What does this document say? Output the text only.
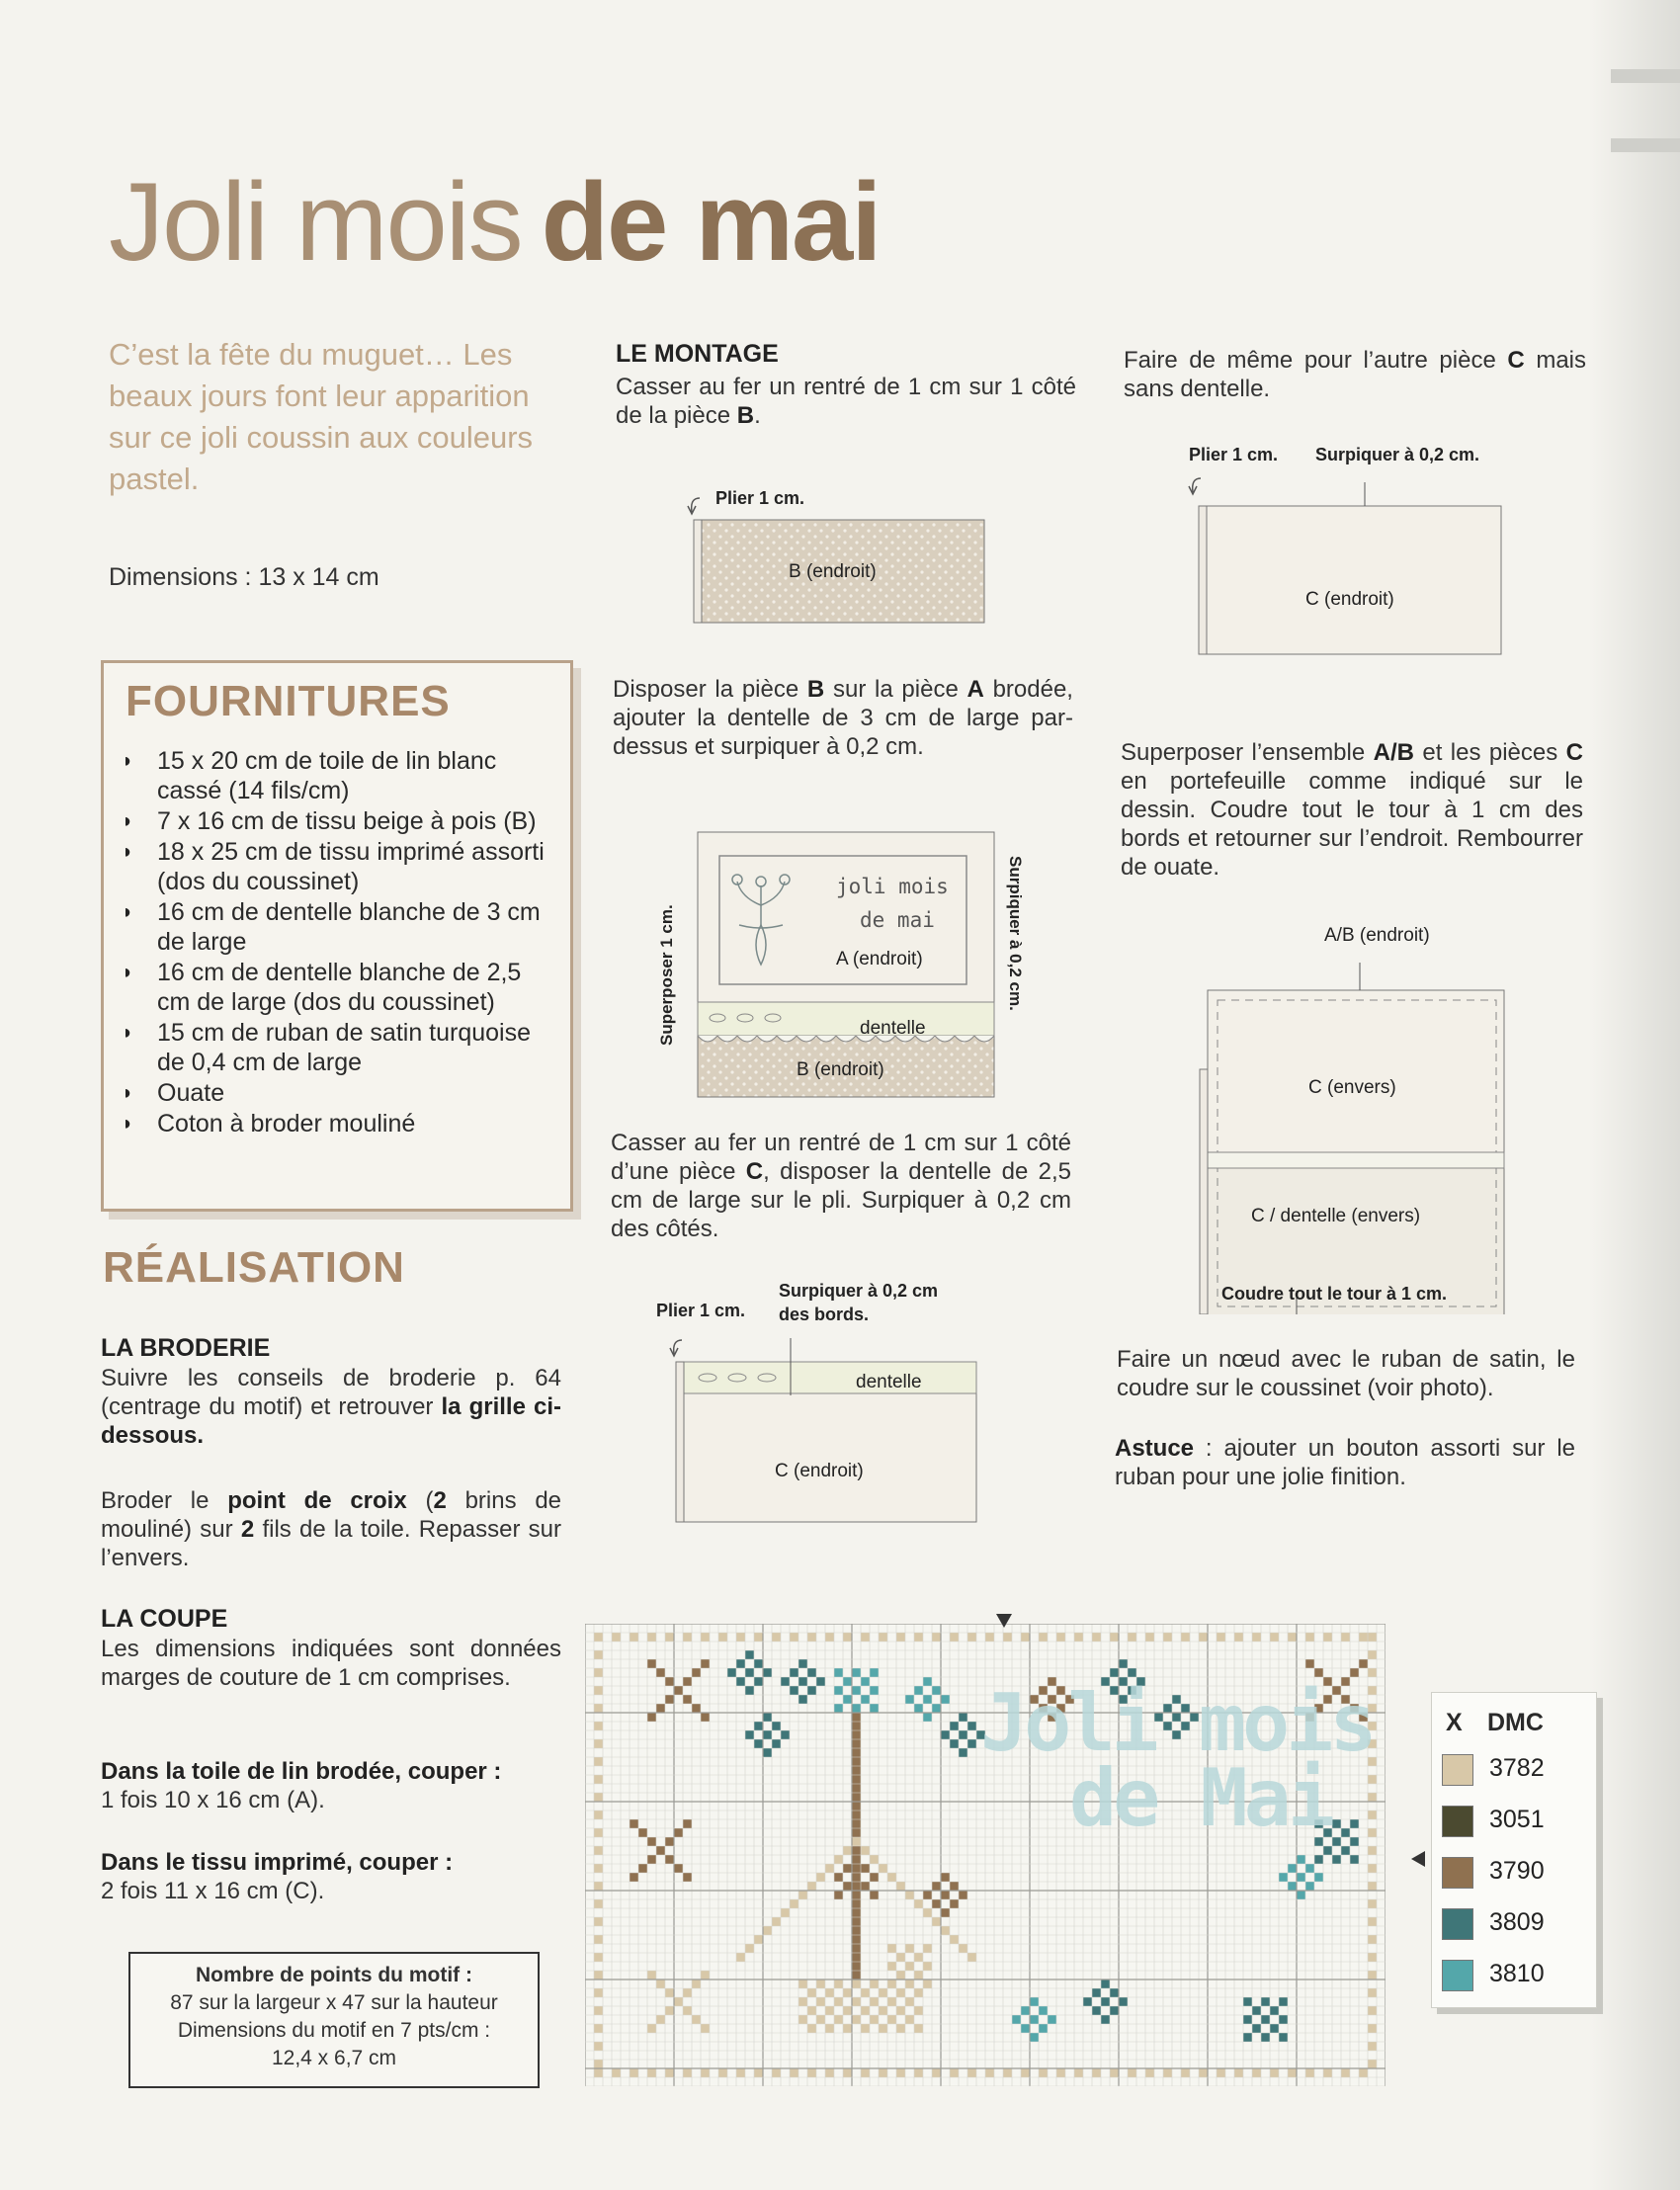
Joli mois de mai
C’est la fête du muguet… Les beaux jours font leur apparition sur ce joli coussin aux couleurs pastel.
Dimensions : 13 x 14 cm
FOURNITURES
◗ 15 x 20 cm de toile de lin blanc cassé (14 fils/cm)
◗ 7 x 16 cm de tissu beige à pois (B)
◗ 18 x 25 cm de tissu imprimé assorti (dos du coussinet)
◗ 16 cm de dentelle blanche de 3 cm de large
◗ 16 cm de dentelle blanche de 2,5 cm de large (dos du coussinet)
◗ 15 cm de ruban de satin turquoise de 0,4 cm de large
◗ Ouate
◗ Coton à broder mouliné
RÉALISATION
LA BRODERIE
Suivre les conseils de broderie p. 64 (centrage du motif) et retrouver la grille ci-dessous.
Broder le point de croix (2 brins de mouliné) sur 2 fils de la toile. Repasser sur l’envers.
LA COUPE
Les dimensions indiquées sont données marges de couture de 1 cm comprises.
Dans la toile de lin brodée, couper :
1 fois 10 x 16 cm (A).
Dans le tissu imprimé, couper :
2 fois 11 x 16 cm (C).
Nombre de points du motif :
87 sur la largeur x 47 sur la hauteur
Dimensions du motif en 7 pts/cm :
12,4 x 6,7 cm
LE MONTAGE
Casser au fer un rentré de 1 cm sur 1 côté de la pièce B.
Plier 1 cm.
B (endroit)
Disposer la pièce B sur la pièce A brodée, ajouter la dentelle de 3 cm de large par-dessus et surpiquer à 0,2 cm.
joli mois
de mai
A (endroit)
dentelle
B (endroit)
Superposer 1 cm.	Surpiquer à 0,2 cm.
Casser au fer un rentré de 1 cm sur 1 côté d’une pièce C, disposer la dentelle de 2,5 cm de large sur le pli. Surpiquer à 0,2 cm des côtés.
Plier 1 cm.
Surpiquer à 0,2 cm
des bords.
dentelle
C (endroit)
Faire de même pour l’autre pièce C mais sans dentelle.
Plier 1 cm. Surpiquer à 0,2 cm.
C (endroit)
Superposer l’ensemble A/B et les pièces C en portefeuille comme indiqué sur le dessin. Coudre tout le tour à 1 cm des bords et retourner sur l’endroit. Rembourrer de ouate.
A/B (endroit)
C (envers)
C / dentelle (envers)
Coudre tout le tour à 1 cm.
Faire un nœud avec le ruban de satin, le coudre sur le coussinet (voir photo).
Astuce : ajouter un bouton assorti sur le ruban pour une jolie finition.
Joli mois
de Mai
X DMC
3782
3051
3790
3809
3810
